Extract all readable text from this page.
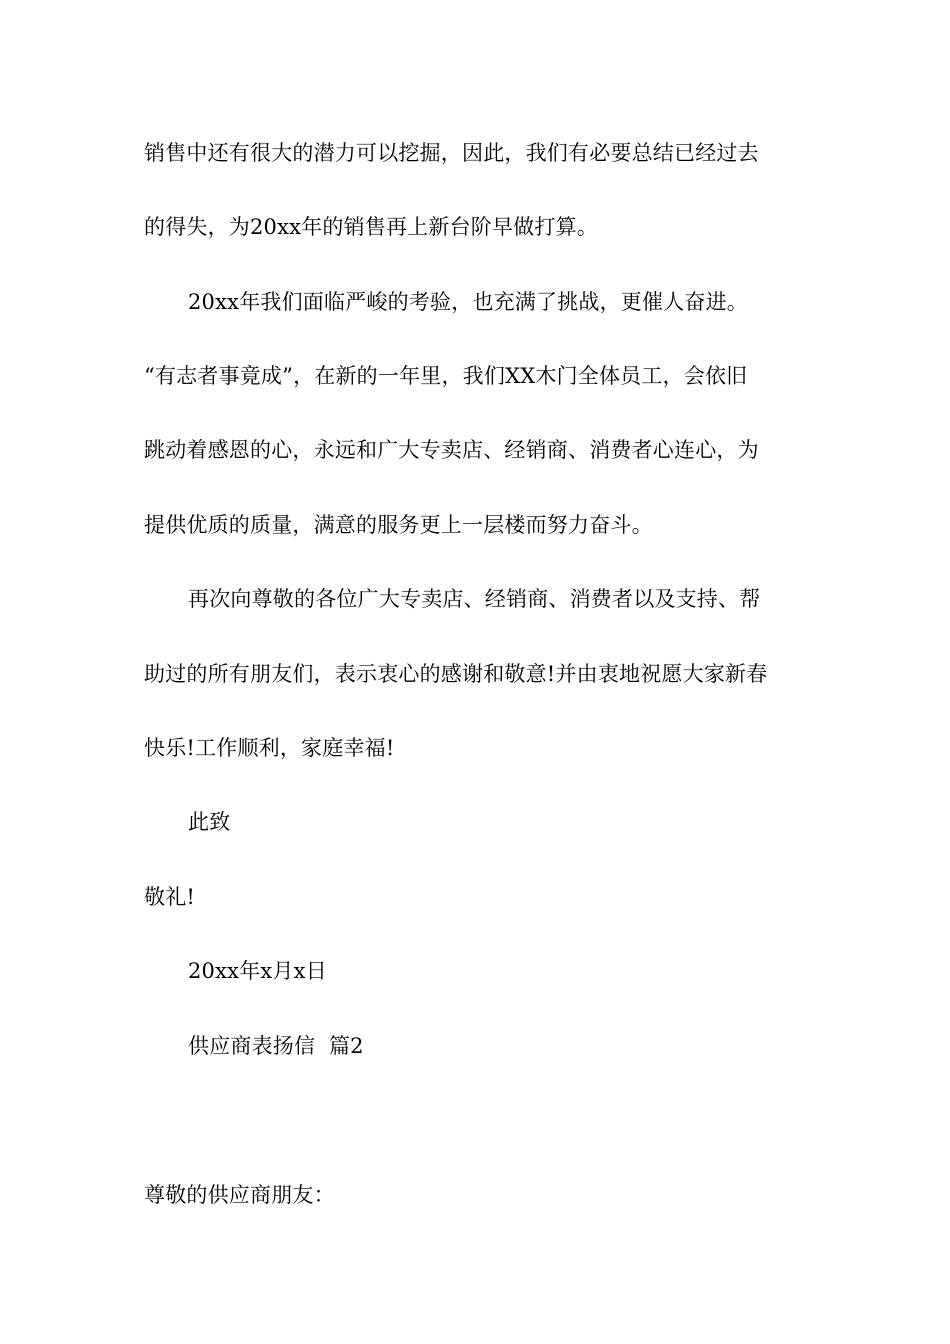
销售中还有很大的潜力可以挖掘，因此，我们有必要总结已经过去
的得失，为20xx年的销售再上新台阶早做打算。
20xx年我们面临严峻的考验，也充满了挑战，更催人奋进。
“有志者事竟成”，在新的一年里，我们XX木门全体员工，会依旧
跳动着感恩的心，永远和广大专卖店、经销商、消费者心连心，为
提供优质的质量，满意的服务更上一层楼而努力奋斗。
再次向尊敬的各位广大专卖店、经销商、消费者以及支持、帮
助过的所有朋友们，表示衷心的感谢和敬意!并由衷地祝愿大家新春
快乐!工作顺利，家庭幸福!
此致
敬礼!
20xx年x月x日
供应商表扬信  篇2
尊敬的供应商朋友：
